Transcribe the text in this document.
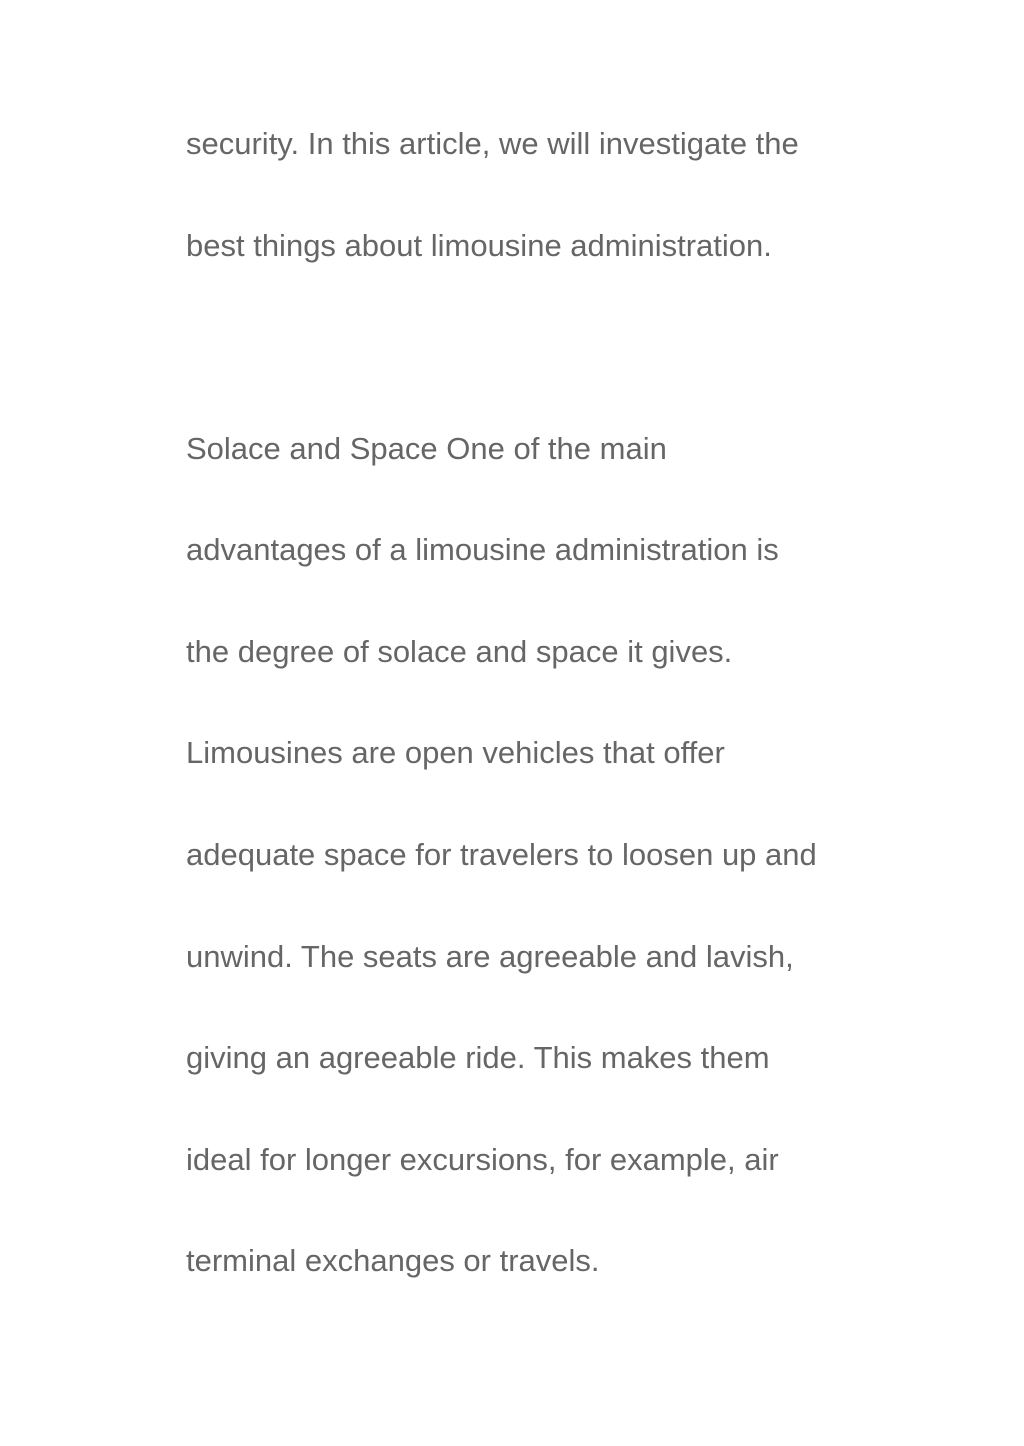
security. In this article, we will investigate the

best things about limousine administration.

Solace and Space One of the main

advantages of a limousine administration is

the degree of solace and space it gives.

Limousines are open vehicles that offer

adequate space for travelers to loosen up and

unwind. The seats are agreeable and lavish,

giving an agreeable ride. This makes them

ideal for longer excursions, for example, air

terminal exchanges or travels.
